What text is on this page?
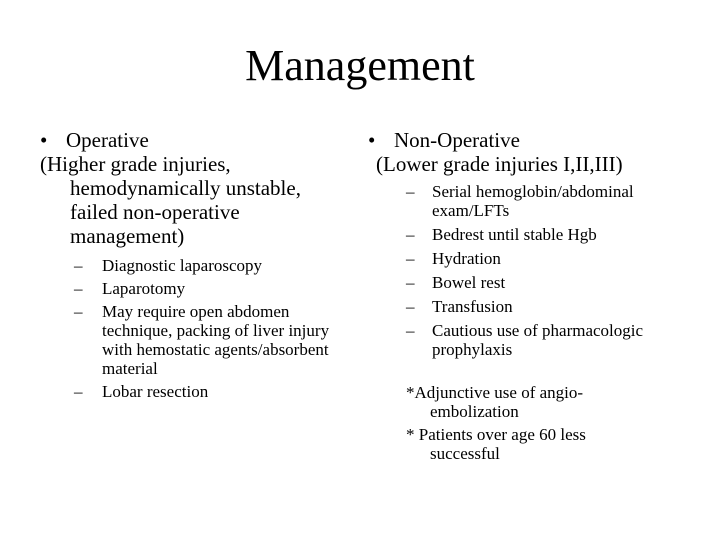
Management
• Operative
(Higher grade injuries,
hemodynamically unstable,
failed non-operative
management)
– Diagnostic laparoscopy
– Laparotomy
– May require open abdomen technique, packing of liver injury with hemostatic agents/absorbent material
– Lobar resection
• Non-Operative
(Lower grade injuries I,II,III)
– Serial hemoglobin/abdominal exam/LFTs
– Bedrest until stable Hgb
– Hydration
– Bowel rest
– Transfusion
– Cautious use of pharmacologic prophylaxis
*Adjunctive use of angio-
embolization
* Patients over age 60 less
successful
